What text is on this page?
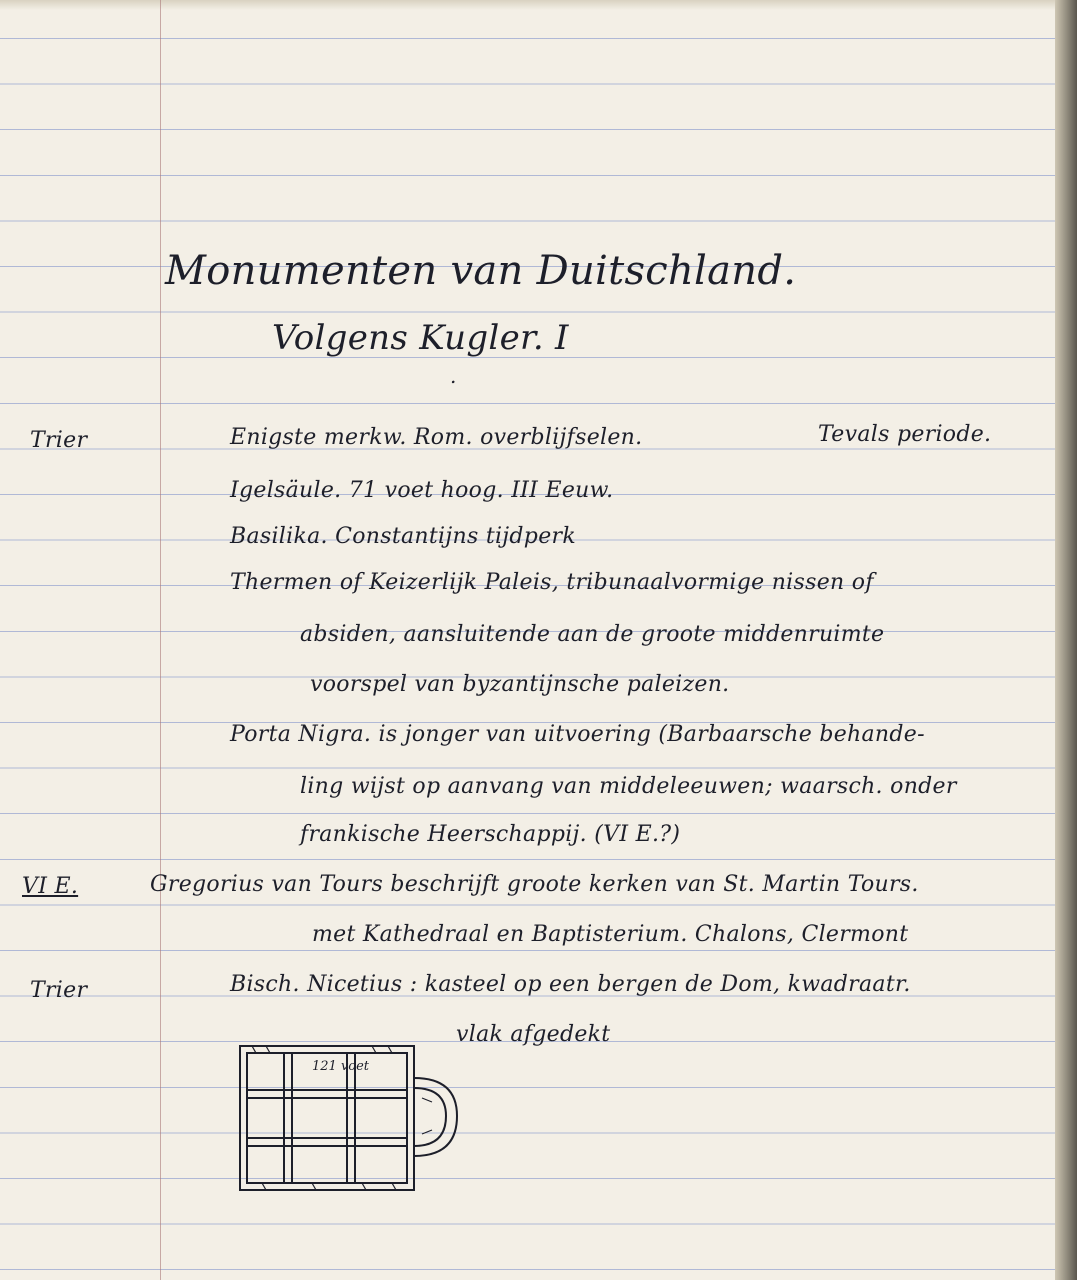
Monumenten van Duitschland.
Volgens Kugler. I
.
Trier
VI E.
Trier
Enigste merkw. Rom. overblijfselen.	Tevals periode.
Igelsäule. 71 voet hoog. III Eeuw.
Basilika. Constantijns tijdperk
Thermen of Keizerlijk Paleis, tribunaalvormige nissen of
absiden, aansluitende aan de groote middenruimte
voorspel van byzantijnsche paleizen.
Porta Nigra. is jonger van uitvoering (Barbaarsche behande-
ling wijst op aanvang van middeleeuwen; waarsch. onder
frankische Heerschappij. (VI E.?)
Gregorius van Tours beschrijft groote kerken van St. Martin Tours.
met Kathedraal en Baptisterium. Chalons, Clermont
Bisch. Nicetius : kasteel op een bergen de Dom, kwadraatr.
vlak afgedekt
121 voet
